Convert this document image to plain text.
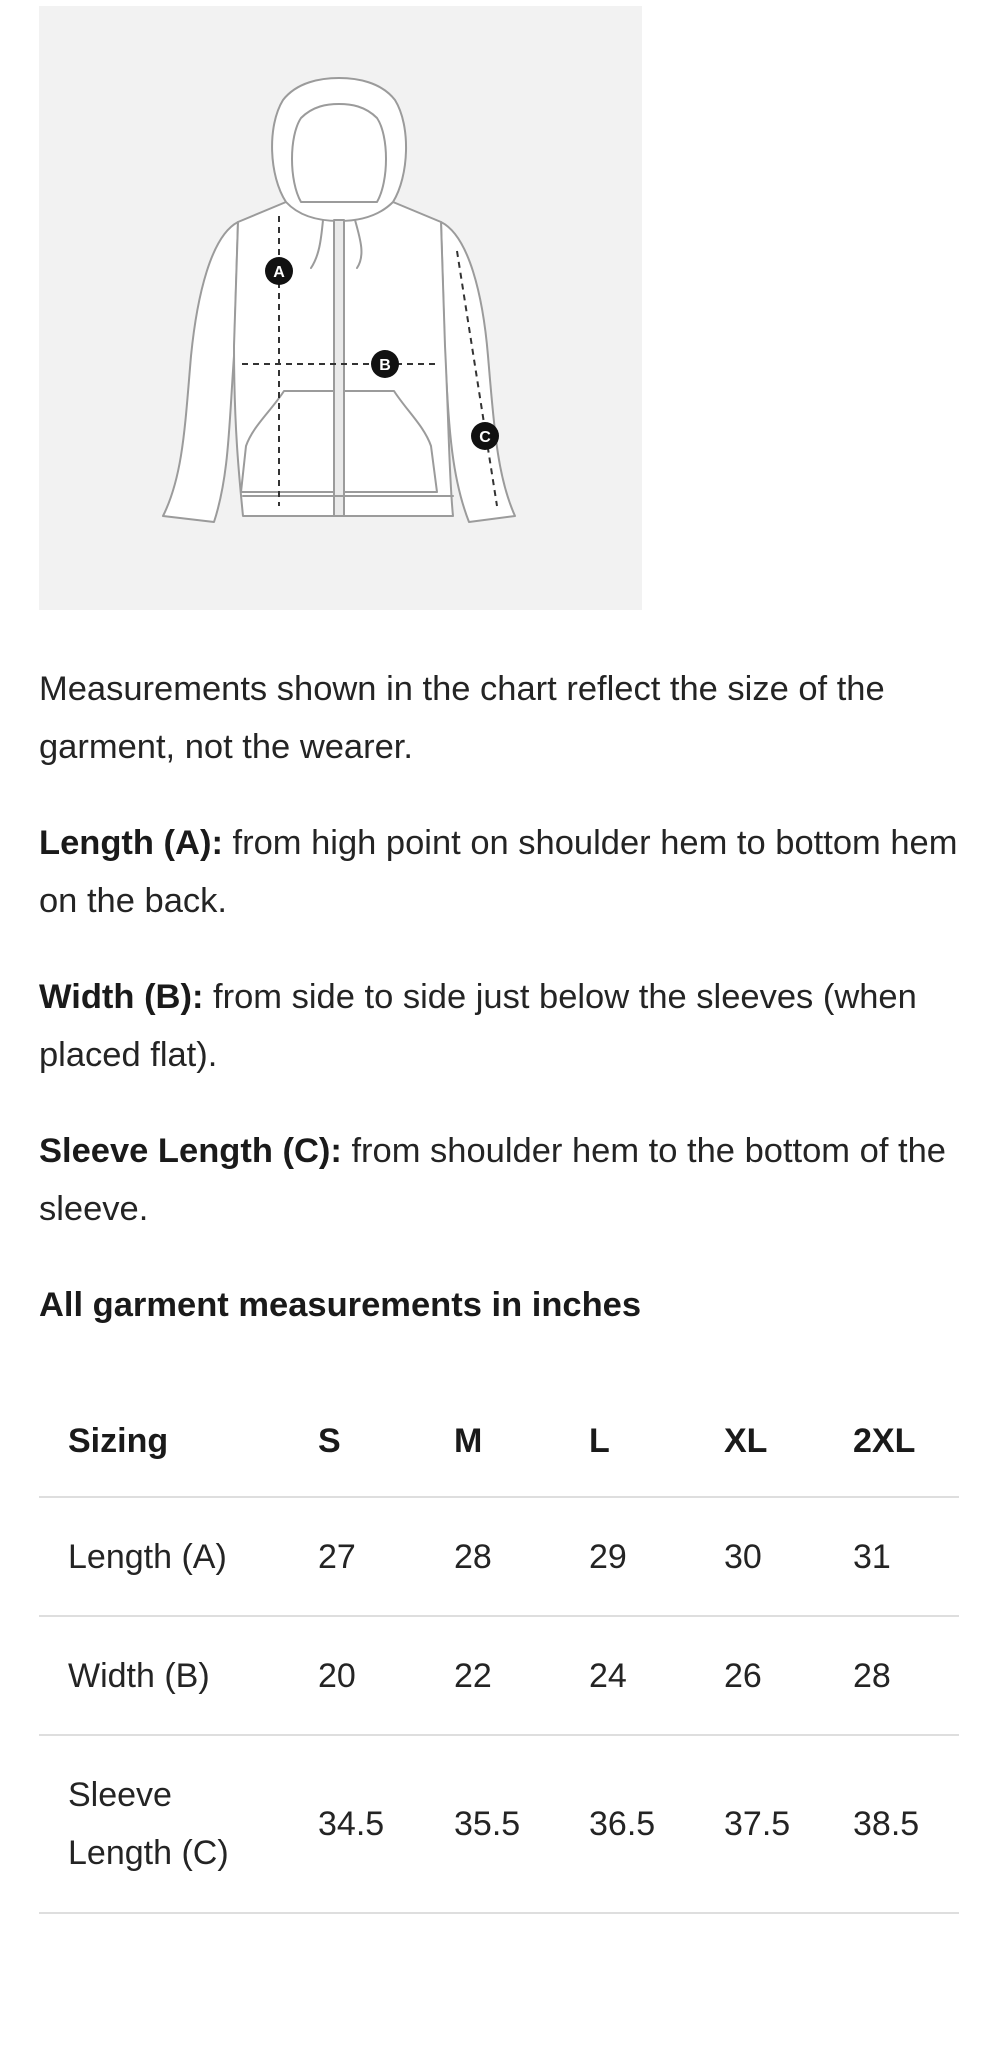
A
B
C

Measurements shown in the chart reflect the size of the garment, not the wearer.

Length (A): from high point on shoulder hem to bottom hem on the back.

Width (B): from side to side just below the sleeves (when placed flat).

Sleeve Length (C): from shoulder hem to the bottom of the sleeve.

All garment measurements in inches

Sizing	S	M	L	XL	2XL
Length (A)	27	28	29	30	31
Width (B)	20	22	24	26	28
Sleeve Length (C)	34.5	35.5	36.5	37.5	38.5
